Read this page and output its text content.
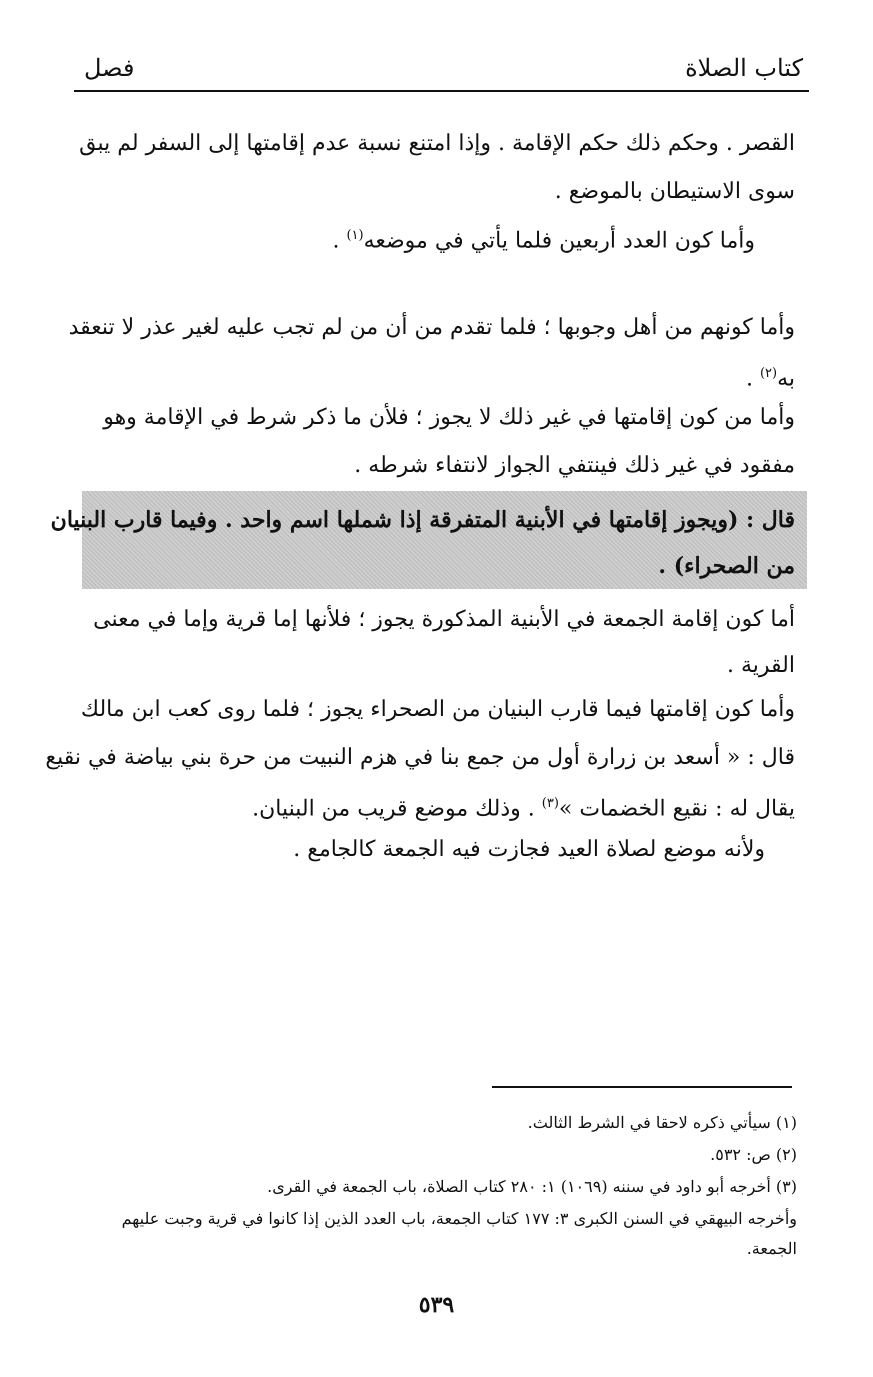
كتاب الصلاة
فصل
القصر . وحكم ذلك حكم الإقامة . وإذا امتنع نسبة عدم إقامتها إلى السفر لم يبق
سوى الاستيطان بالموضع .
وأما كون العدد أربعين فلما يأتي في موضعه$^{(١)}$ .
وأما كونهم من أهل وجوبها ؛ فلما تقدم من أن من لم تجب عليه لغير عذر لا تنعقد
به$^{(٢)}$ .
وأما من كون إقامتها في غير ذلك لا يجوز ؛ فلأن ما ذكر شرط في الإقامة وهو
مفقود في غير ذلك فينتفي الجواز لانتفاء شرطه .
أما كون إقامة الجمعة في الأبنية المذكورة يجوز ؛ فلأنها إما قرية وإما في معنى
القرية .
وأما كون إقامتها فيما قارب البنيان من الصحراء يجوز ؛ فلما روى كعب ابن مالك
قال : « أسعد بن زرارة أول من جمع بنا في هزم النبيت من حرة بني بياضة في نقيع
يقال له : نقيع الخضمات »$^{(٣)}$ . وذلك موضع قريب من البنيان.
ولأنه موضع لصلاة العيد فجازت فيه الجمعة كالجامع .
قال : (ويجوز إقامتها في الأبنية المتفرقة إذا شملها اسم واحد . وفيما قارب البنيان
من الصحراء) .
(١) سيأتي ذكره لاحقا في الشرط الثالث.
(٢) ص: ٥٣٢.
(٣) أخرجه أبو داود في سننه (١٠٦٩) ١: ٢٨٠ كتاب الصلاة، باب الجمعة في القرى.
وأخرجه البيهقي في السنن الكبرى ٣: ١٧٧ كتاب الجمعة، باب العدد الذين إذا كانوا في قرية وجبت عليهم
الجمعة.
٥٣٩
